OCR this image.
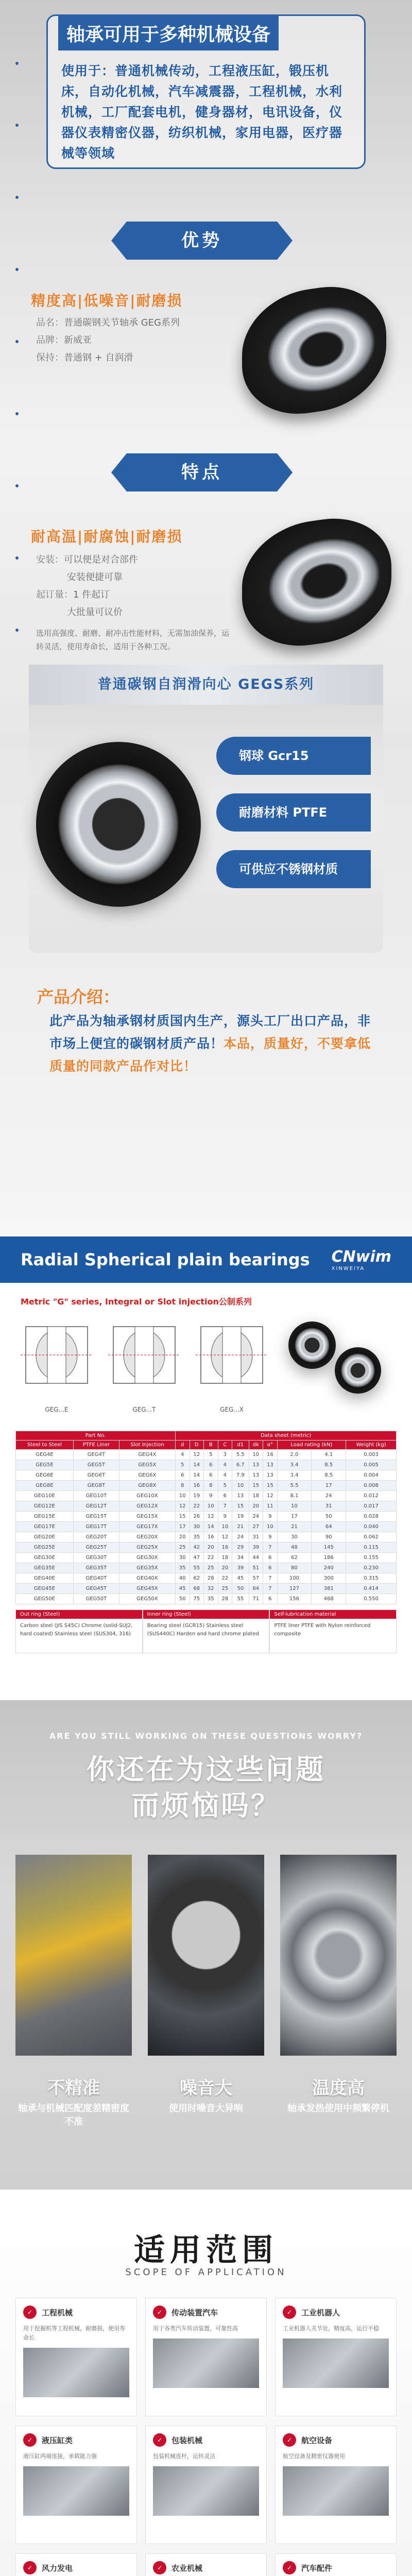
轴承可用于多种机械设备
使用于：普通机械传动，工程液压缸，锻压机床，自动化机械，汽车减震器，工程机械，水利机械，工厂配套电机，健身器材，电讯设备，仪器仪表精密仪器，纺织机械，家用电器，医疗器械等领域
优势
精度高|低噪音|耐磨损
品名：普通碳钢关节轴承 GEG系列
品牌：新威亚
保持：普通钢 + 自润滑
特点
耐高温|耐腐蚀|耐磨损
安装：可以便是对合部件
安装便捷可靠
起订量：1 件起订
大批量可议价
选用高强度、耐磨、耐冲击性能材料，无需加油保养，运转灵活，使用寿命长，适用于各种工况。
普通碳钢自润滑向心 GEGS系列
钢球 Gcr15
耐磨材料 PTFE
可供应不锈钢材质
产品介绍：
此产品为轴承钢材质国内生产，源头工厂出口产品，非市场上便宜的碳钢材质产品！本品，质量好，不要拿低质量的同款产品作对比！
Radial Spherical plain bearings CNwim
XINWEIYA
Metric "G" series, Integral or Slot injection公制系列
GEG...E	GEG...T	GEG...X
Part No.			Data sheet (metric)									
Steel to Steel	PTFE Liner	Slot Injection	d	D	B	C	d1	dk	α°	Load rating (kN)		Weight (kg)
GEG4E	GEG4T	GEG4X	4	12	5	3	5.5	10	16	2.0	4.1	0.003
GEG5E	GEG5T	GEG5X	5	14	6	4	6.7	13	13	3.4	8.5	0.005
GEG6E	GEG6T	GEG6X	6	14	6	4	7.9	13	13	3.4	8.5	0.004
GEG8E	GEG8T	GEG8X	8	16	8	5	10	15	15	5.5	17	0.008
GEG10E	GEG10T	GEG10X	10	19	9	6	13	18	12	8.1	24	0.012
GEG12E	GEG12T	GEG12X	12	22	10	7	15	20	11	10	31	0.017
GEG15E	GEG15T	GEG15X	15	26	12	9	19	24	9	17	50	0.028
GEG17E	GEG17T	GEG17X	17	30	14	10	21	27	10	21	64	0.040
GEG20E	GEG20T	GEG20X	20	35	16	12	24	31	9	30	90	0.062
GEG25E	GEG25T	GEG25X	25	42	20	16	29	39	7	48	145	0.115
GEG30E	GEG30T	GEG30X	30	47	22	18	34	44	6	62	186	0.155
GEG35E	GEG35T	GEG35X	35	55	25	20	39	51	6	80	240	0.230
GEG40E	GEG40T	GEG40X	40	62	28	22	45	57	7	100	300	0.315
GEG45E	GEG45T	GEG45X	45	68	32	25	50	64	7	127	381	0.414
GEG50E	GEG50T	GEG50X	50	75	35	28	55	71	6	156	468	0.550
Out ring (Steel)
Carbon steel (JIS S45C) Chrome (solid-SUJ2, hard coated) Stainless steel (SUS304, 316)
Inner ring (Steel)
Bearing steel (GCR15) Stainless steel (SUS440C) Harden and hard chrome plated
Self-lubrication material
PTFE liner PTFE with Nylon reinforced composite
ARE YOU STILL WORKING ON THESE QUESTIONS WORRY?
你还在为这些问题而烦恼吗？
不精准
轴承与机械匹配度差精密度不准
噪音大
使用时噪音大异响
温度高
轴承发热使用中频繁停机
适用范围
SCOPE OF APPLICATION
✓	工程机械
用于挖掘机等工程机械，耐磨损，使用寿命长
✓	传动装置汽车
用于各类汽车传动装置，可靠性高
✓	工业机器人
工业机器人关节处，精度高，运行平稳
✓	液压缸类
液压缸两端连接，承载能力强
✓	包装机械
包装机械连杆，运转灵活
✓	航空设备
航空设备及精密仪器使用
✓	风力发电	✓	农业机械	✓	汽车配件
